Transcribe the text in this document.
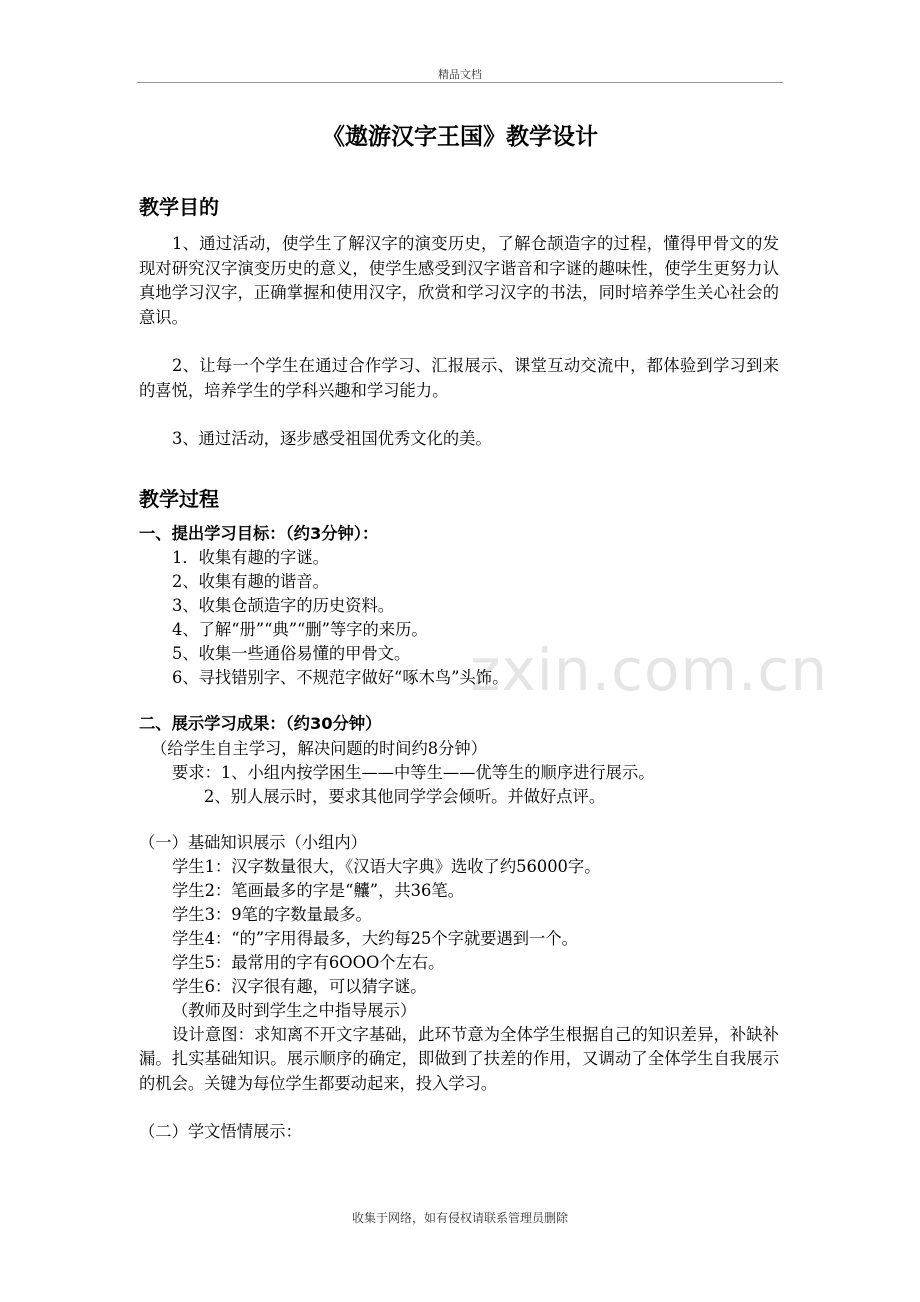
精品文档
《遨游汉字王国》教学设计
zxin.com.cn

教学目的

1、通过活动，使学生了解汉字的演变历史，了解仓颉造字的过程，懂得甲骨文的发现对研究汉字演变历史的意义，使学生感受到汉字谐音和字谜的趣味性，使学生更努力认真地学习汉字，正确掌握和使用汉字，欣赏和学习汉字的书法，同时培养学生关心社会的意识。

2、让每一个学生在通过合作学习、汇报展示、课堂互动交流中，都体验到学习到来的喜悦，培养学生的学科兴趣和学习能力。

3、通过活动，逐步感受祖国优秀文化的美。

教学过程

一、提出学习目标：（约3分钟）：

1．收集有趣的字谜。

2、收集有趣的谐音。

3、收集仓颉造字的历史资料。

4、了解“册”“典”“删”等字的来历。

5、收集一些通俗易懂的甲骨文。

6、寻找错别字、不规范字做好“啄木鸟”头饰。

二、展示学习成果：（约30分钟）

（给学生自主学习，解决问题的时间约8分钟）

要求：1、小组内按学困生——中等生——优等生的顺序进行展示。

2、别人展示时，要求其他同学学会倾听。并做好点评。

（一）基础知识展示（小组内）

学生1：汉字数量很大，《汉语大字典》选收了约56000字。

学生2：笔画最多的字是“齉”，共36笔。

学生3：9笔的字数量最多。

学生4：“的”字用得最多，大约每25个字就要遇到一个。

学生5：最常用的字有6OOO个左右。

学生6：汉字很有趣，可以猜字谜。

（教师及时到学生之中指导展示）

设计意图：求知离不开文字基础，此环节意为全体学生根据自己的知识差异，补缺补漏。扎实基础知识。展示顺序的确定，即做到了扶差的作用，又调动了全体学生自我展示的机会。关键为每位学生都要动起来，投入学习。

（二）学文悟情展示：

收集于网络，如有侵权请联系管理员删除
